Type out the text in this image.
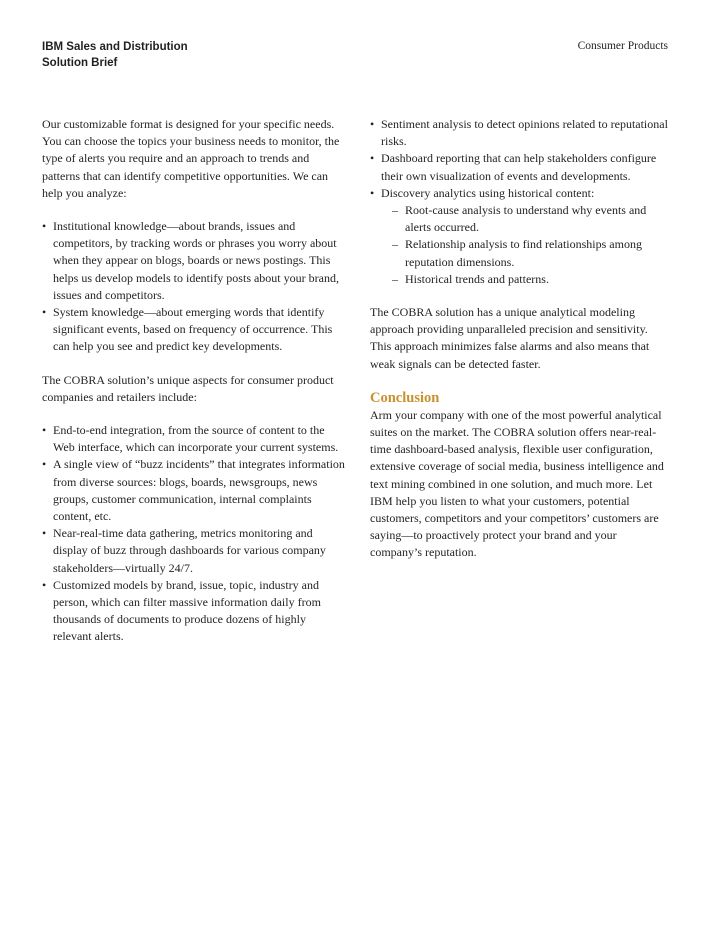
IBM Sales and Distribution
Solution Brief
Consumer Products

Our customizable format is designed for your specific needs. You can choose the topics your business needs to monitor, the type of alerts you require and an approach to trends and patterns that can identify competitive opportunities. We can help you analyze:

• Institutional knowledge—about brands, issues and competitors, by tracking words or phrases you worry about when they appear on blogs, boards or news postings. This helps us develop models to identify posts about your brand, issues and competitors.
• System knowledge—about emerging words that identify significant events, based on frequency of occurrence. This can help you see and predict key developments.

The COBRA solution’s unique aspects for consumer product companies and retailers include:

• End-to-end integration, from the source of content to the Web interface, which can incorporate your current systems.
• A single view of “buzz incidents” that integrates information from diverse sources: blogs, boards, newsgroups, news groups, customer communication, internal complaints content, etc.
• Near-real-time data gathering, metrics monitoring and display of buzz through dashboards for various company stakeholders—virtually 24/7.
• Customized models by brand, issue, topic, industry and person, which can filter massive information daily from thousands of documents to produce dozens of highly relevant alerts.
• Sentiment analysis to detect opinions related to reputational risks.
• Dashboard reporting that can help stakeholders configure their own visualization of events and developments.
• Discovery analytics using historical content:
– Root-cause analysis to understand why events and alerts occurred.
– Relationship analysis to find relationships among reputation dimensions.
– Historical trends and patterns.

The COBRA solution has a unique analytical modeling approach providing unparalleled precision and sensitivity. This approach minimizes false alarms and also means that weak signals can be detected faster.

Conclusion

Arm your company with one of the most powerful analytical suites on the market. The COBRA solution offers near-real-time dashboard-based analysis, flexible user configuration, extensive coverage of social media, business intelligence and text mining combined in one solution, and much more. Let IBM help you listen to what your customers, potential customers, competitors and your competitors’ customers are saying—to proactively protect your brand and your company’s reputation.
